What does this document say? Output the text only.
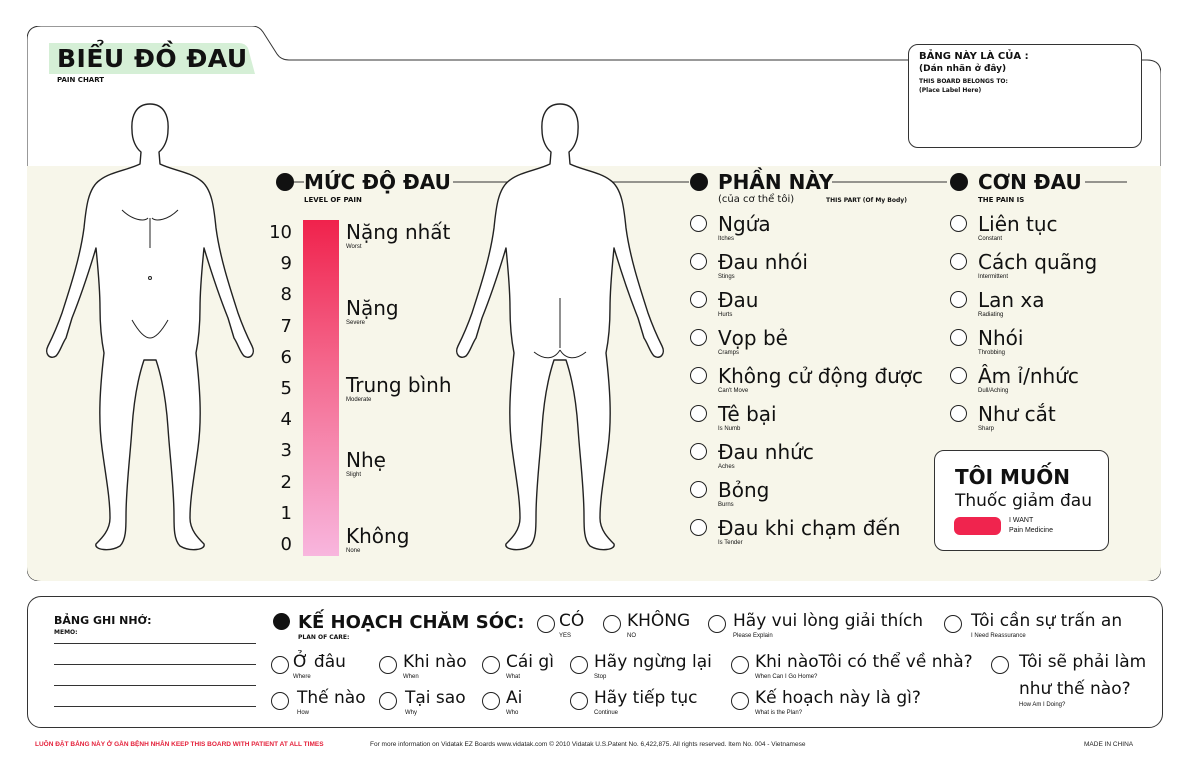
BIỂU ĐỒ ĐAU
PAIN CHART
BẢNG NÀY LÀ CỦA :
(Dán nhãn ở đây)
THIS BOARD BELONGS TO:
(Place Label Here)
MỨC ĐỘ ĐAU
LEVEL OF PAIN
10
9
8
7
6
5
4
3
2
1
0
Nặng nhất
Worst
Nặng
Severe
Trung bình
Moderate
Nhẹ
Slight
Không
None
PHẦN NÀY
(của cơ thể tôi)	THIS PART (Of My Body)
Ngứa
Itches
Đau nhói
Stings
Đau
Hurts
Vọp bẻ
Cramps
Không cử động được
Can't Move
Tê bại
Is Numb
Đau nhức
Aches
Bỏng
Burns
Đau khi chạm đến
Is Tender
CƠN ĐAU
THE PAIN IS
Liên tục
Constant
Cách quãng
Intermittent
Lan xa
Radiating
Nhói
Throbbing
Âm ỉ/nhức
Dull/Aching
Như cắt
Sharp
TÔI MUỐN
Thuốc giảm đau
I WANT
Pain Medicine
BẢNG GHI NHỚ:
MEMO:	KẾ HOẠCH CHĂM SÓC:
PLAN OF CARE:
CÓ
YES
KHÔNG
NO
Hãy vui lòng giải thích
Please Explain
Tôi cần sự trấn an
I Need Reassurance
Ở đâu
Where
Khi nào
When
Cái gì
What
Hãy ngừng lại
Stop
Khi nàoTôi có thể về nhà?
When Can I Go Home?
Tôi sẽ phải làm
Thế nào
How
Tại sao
Why
Ai
Who
Hãy tiếp tục
Continue
Kế hoạch này là gì?
What is the Plan?
như thế nào?
How Am I Doing?
LUÔN ĐẶT BẢNG NÀY Ở GẦN BỆNH NHÂN KEEP THIS BOARD WITH PATIENT AT ALL TIMES	For more information on Vidatak EZ Boards www.vidatak.com © 2010 Vidatak U.S.Patent No. 6,422,875. All rights reserved. Item No. 004 - Vietnamese	MADE IN CHINA
